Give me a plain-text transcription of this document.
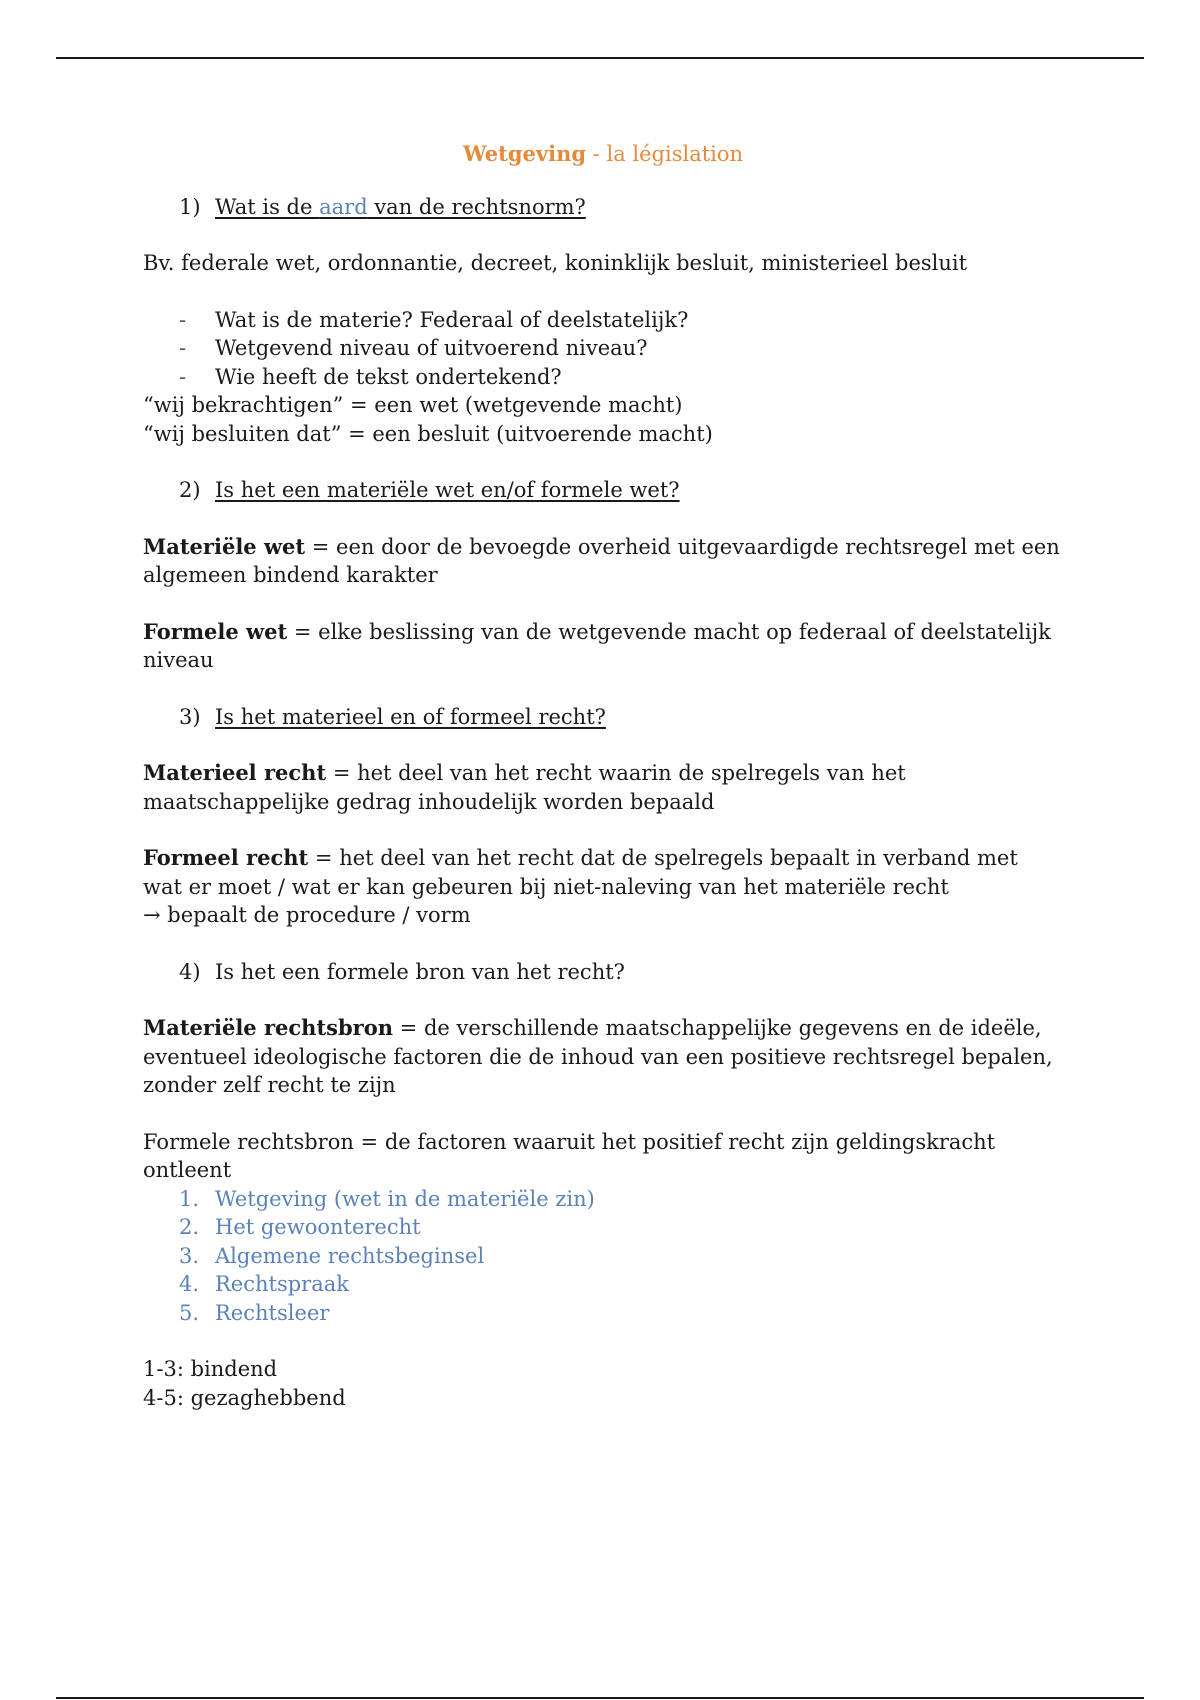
Wetgeving - la législation
1) Wat is de aard van de rechtsnorm?

Bv. federale wet, ordonnantie, decreet, koninklijk besluit, ministerieel besluit

-	Wat is de materie? Federaal of deelstatelijk?
-	Wetgevend niveau of uitvoerend niveau?
-	Wie heeft de tekst ondertekend?
“wij bekrachtigen” = een wet (wetgevende macht)
“wij besluiten dat” = een besluit (uitvoerende macht)
2) Is het een materiële wet en/of formele wet?

Materiële wet = een door de bevoegde overheid uitgevaardigde rechtsregel met een algemeen bindend karakter

Formele wet = elke beslissing van de wetgevende macht op federaal of deelstatelijk niveau

3) Is het materieel en of formeel recht?

Materieel recht = het deel van het recht waarin de spelregels van het maatschappelijke gedrag inhoudelijk worden bepaald

Formeel recht = het deel van het recht dat de spelregels bepaalt in verband met wat er moet / wat er kan gebeuren bij niet-naleving van het materiële recht
→ bepaalt de procedure / vorm

4) Is het een formele bron van het recht?

Materiële rechtsbron = de verschillende maatschappelijke gegevens en de ideële, eventueel ideologische factoren die de inhoud van een positieve rechtsregel bepalen, zonder zelf recht te zijn

Formele rechtsbron = de factoren waaruit het positief recht zijn geldingskracht ontleent
1. Wetgeving (wet in de materiële zin)
2. Het gewoonterecht
3. Algemene rechtsbeginsel
4. Rechtspraak
5. Rechtsleer
1-3: bindend
4-5: gezaghebbend
